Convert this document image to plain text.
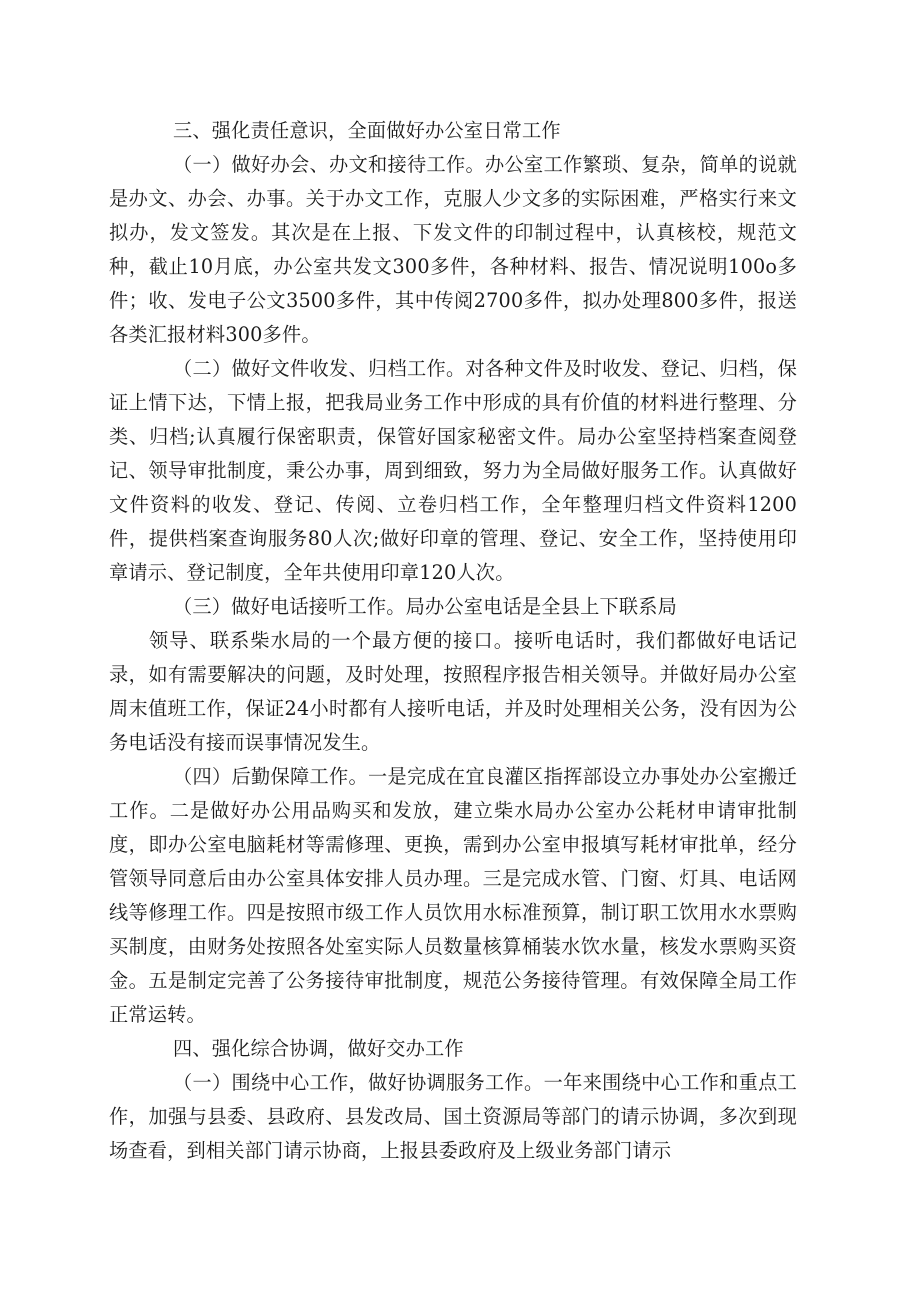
三、强化责任意识，全面做好办公室日常工作

（一）做好办会、办文和接待工作。办公室工作繁琐、复杂，简单的说就是办文、办会、办事。关于办文工作，克服人少文多的实际困难，严格实行来文拟办，发文签发。其次是在上报、下发文件的印制过程中，认真核校，规范文种，截止10月底，办公室共发文300多件，各种材料、报告、情况说明100o多件；收、发电子公文3500多件，其中传阅2700多件，拟办处理800多件，报送各类汇报材料300多件。

（二）做好文件收发、归档工作。对各种文件及时收发、登记、归档，保证上情下达，下情上报，把我局业务工作中形成的具有价值的材料进行整理、分类、归档;认真履行保密职责，保管好国家秘密文件。局办公室坚持档案查阅登记、领导审批制度，秉公办事，周到细致，努力为全局做好服务工作。认真做好文件资料的收发、登记、传阅、立卷归档工作，全年整理归档文件资料1200件，提供档案查询服务80人次;做好印章的管理、登记、安全工作，坚持使用印章请示、登记制度，全年共使用印章120人次。

（三）做好电话接听工作。局办公室电话是全县上下联系局

领导、联系柴水局的一个最方便的接口。接听电话时，我们都做好电话记录，如有需要解决的问题，及时处理，按照程序报告相关领导。并做好局办公室周末值班工作，保证24小时都有人接听电话，并及时处理相关公务，没有因为公务电话没有接而误事情况发生。

（四）后勤保障工作。一是完成在宜良灌区指挥部设立办事处办公室搬迁工作。二是做好办公用品购买和发放，建立柴水局办公室办公耗材申请审批制度，即办公室电脑耗材等需修理、更换，需到办公室申报填写耗材审批单，经分管领导同意后由办公室具体安排人员办理。三是完成水管、门窗、灯具、电话网线等修理工作。四是按照市级工作人员饮用水标准预算，制订职工饮用水水票购买制度，由财务处按照各处室实际人员数量核算桶装水饮水量，核发水票购买资金。五是制定完善了公务接待审批制度，规范公务接待管理。有效保障全局工作正常运转。

四、强化综合协调，做好交办工作

（一）围绕中心工作，做好协调服务工作。一年来围绕中心工作和重点工作，加强与县委、县政府、县发改局、国土资源局等部门的请示协调，多次到现场查看，到相关部门请示协商，上报县委政府及上级业务部门请示
